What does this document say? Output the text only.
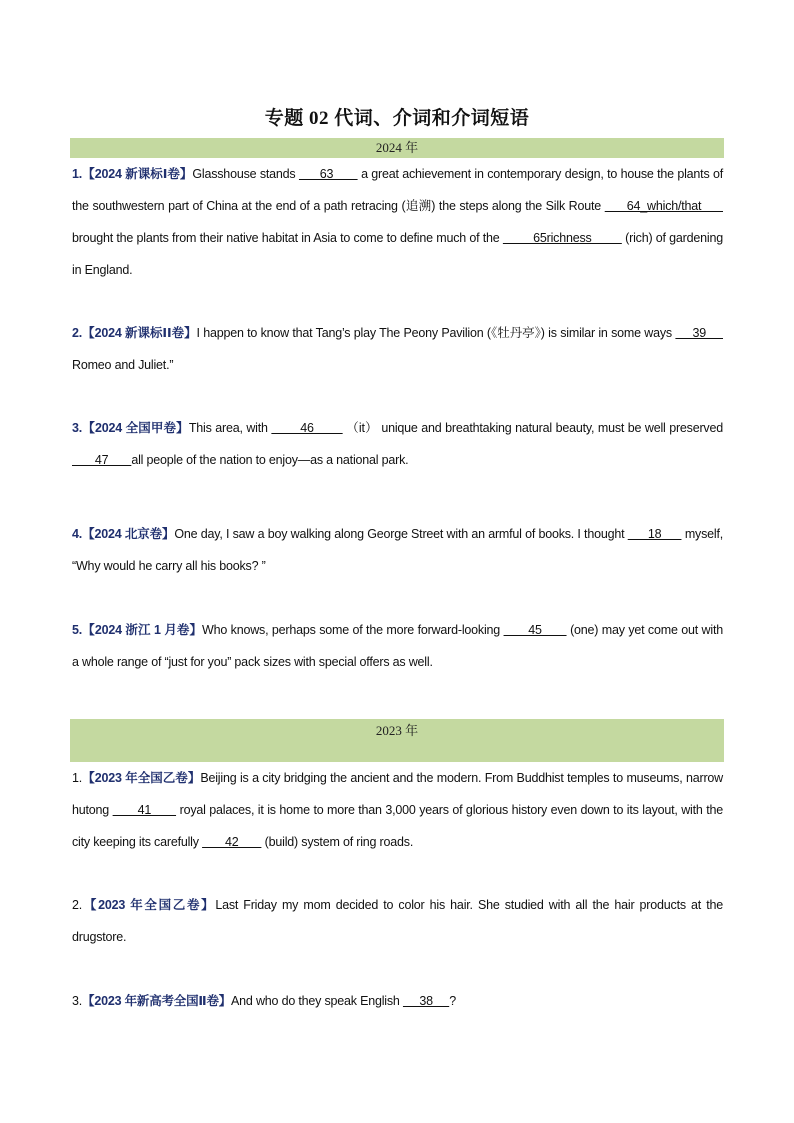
专题 02 代词、介词和介词短语
2024 年
1.【2024 新课标Ⅰ卷】Glasshouse stands       63        a great achievement in contemporary design, to house the plants of the southwestern part of China at the end of a path retracing (追溯) the steps along the Silk Route       64_which/that       brought the plants from their native habitat in Asia to come to define much of the          65richness          (rich) of gardening in England.
2.【2024 新课标ⅠⅠ卷】I happen to know that Tang’s play The Peony Pavilion (《牡丹亭》) is similar in some ways      39      Romeo and Juliet.”
3.【2024 全国甲卷】This area, with         46         （it） unique and breathtaking natural beauty, must be well preserved        47       all people of the nation to enjoy—as a national park.
4.【2024 北京卷】One day, I saw a boy walking along George Street with an armful of books. I thought       18       myself, “Why would he carry all his books? ”
5.【2024 浙江 1 月卷】Who knows, perhaps some of the more forward-looking        45        (one) may yet come out with a whole range of “just for you” pack sizes with special offers as well.
2023 年
1.【2023 年全国乙卷】Beijing is a city bridging the ancient and the modern. From Buddhist temples to museums, narrow hutong        41        royal palaces, it is home to more than 3,000 years of glorious history even down to its layout, with the city keeping its carefully        42        (build) system of ring roads.
2.【2023 年全国乙卷】Last Friday my mom decided to color his hair. She studied with all the hair products at the drugstore.
3.【2023 年新高考全国Ⅱ卷】And who do they speak English      38     ?
